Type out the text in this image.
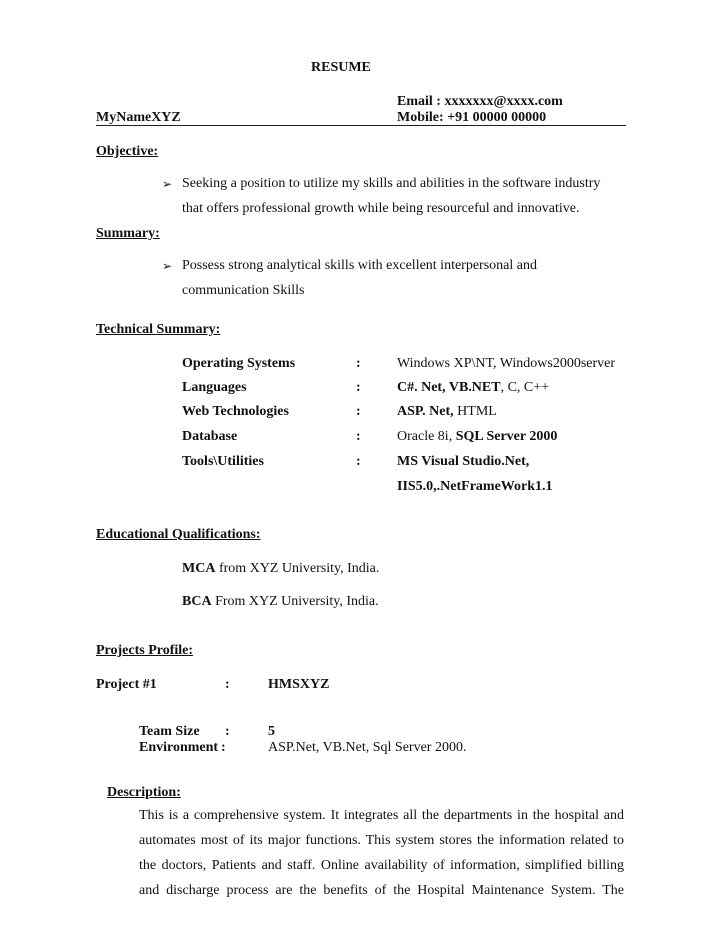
RESUME
Email : xxxxxxx@xxxx.com
MyNameXYZ	Mobile: +91 00000 00000
Objective:
➢ Seeking a position to utilize my skills and abilities in the software industry
that offers professional growth while being resourceful and innovative.
Summary:
➢ Possess strong analytical skills with excellent interpersonal and
communication Skills
Technical Summary:
Operating Systems	:	Windows XP\NT, Windows2000server
Languages	:	C#. Net, VB.NET, C, C++
Web Technologies	:	ASP. Net, HTML
Database	:	Oracle 8i, SQL Server 2000
Tools\Utilities	:	MS Visual Studio.Net,
IIS5.0,.NetFrameWork1.1
Educational Qualifications:
MCA from XYZ University, India.
BCA From XYZ University, India.
Projects Profile:
Project #1	:	HMSXYZ
Team Size :	5
Environment :	ASP.Net, VB.Net, Sql Server 2000.
Description:
This is a comprehensive system. It integrates all the departments in the hospital and
automates most of its major functions. This system stores the information related to
the doctors, Patients and staff. Online availability of information, simplified billing
and discharge process are the benefits of the Hospital Maintenance System. The
